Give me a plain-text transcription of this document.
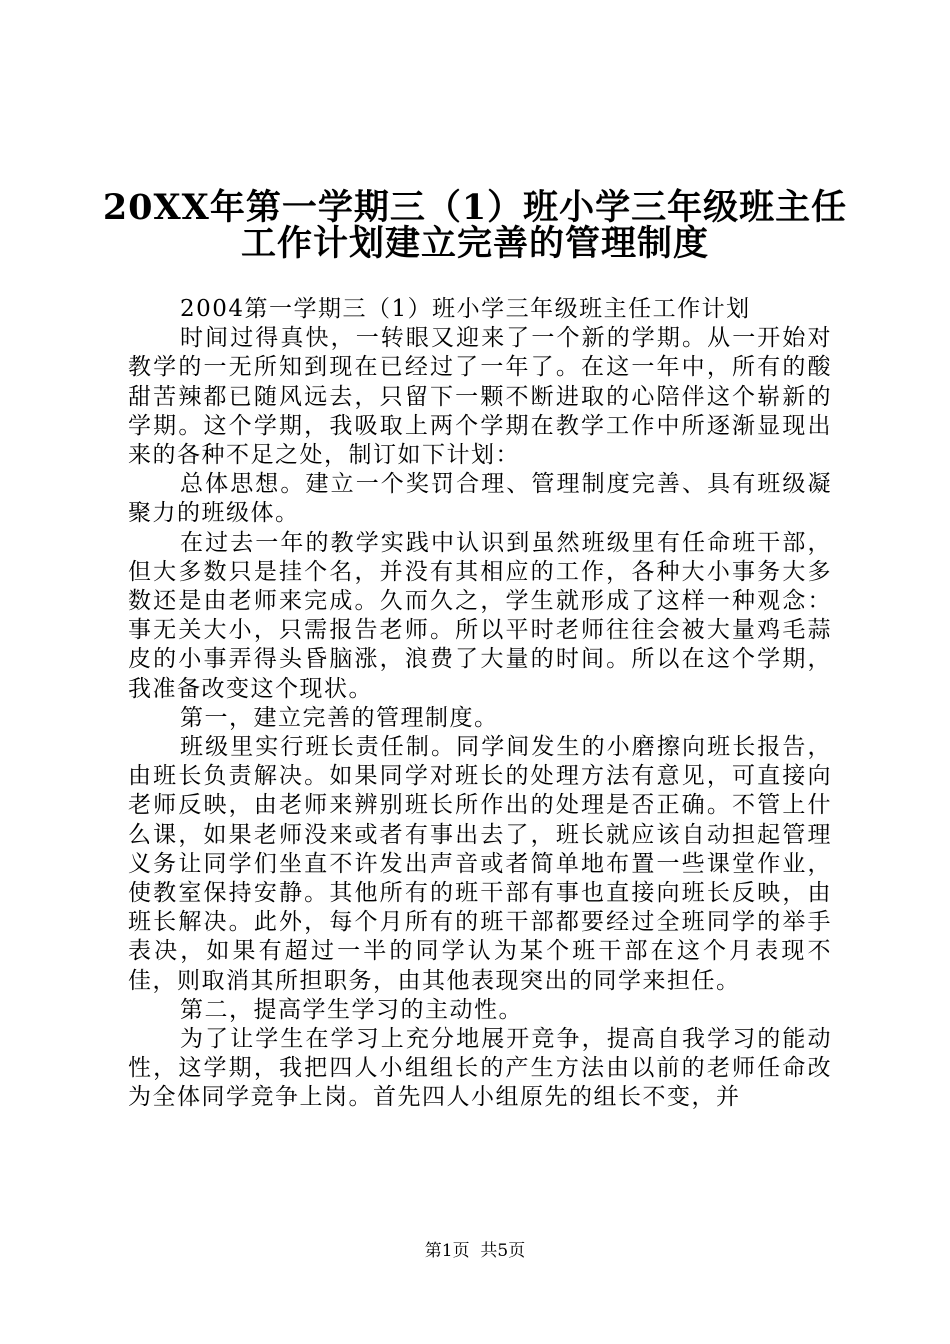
20XX年第一学期三（1）班小学三年级班主任
工作计划建立完善的管理制度

2004第一学期三（1）班小学三年级班主任工作计划

时间过得真快，一转眼又迎来了一个新的学期。从一开始对教学的一无所知到现在已经过了一年了。在这一年中，所有的酸甜苦辣都已随风远去，只留下一颗不断进取的心陪伴这个崭新的学期。这个学期，我吸取上两个学期在教学工作中所逐渐显现出来的各种不足之处，制订如下计划：

总体思想。建立一个奖罚合理、管理制度完善、具有班级凝聚力的班级体。

在过去一年的教学实践中认识到虽然班级里有任命班干部，但大多数只是挂个名，并没有其相应的工作，各种大小事务大多数还是由老师来完成。久而久之，学生就形成了这样一种观念：事无关大小，只需报告老师。所以平时老师往往会被大量鸡毛蒜皮的小事弄得头昏脑涨，浪费了大量的时间。所以在这个学期，我准备改变这个现状。

第一，建立完善的管理制度。

班级里实行班长责任制。同学间发生的小磨擦向班长报告，由班长负责解决。如果同学对班长的处理方法有意见，可直接向老师反映，由老师来辨别班长所作出的处理是否正确。不管上什么课，如果老师没来或者有事出去了，班长就应该自动担起管理义务让同学们坐直不许发出声音或者简单地布置一些课堂作业，使教室保持安静。其他所有的班干部有事也直接向班长反映，由班长解决。此外，每个月所有的班干部都要经过全班同学的举手表决，如果有超过一半的同学认为某个班干部在这个月表现不佳，则取消其所担职务，由其他表现突出的同学来担任。

第二，提高学生学习的主动性。

为了让学生在学习上充分地展开竞争，提高自我学习的能动性，这学期，我把四人小组组长的产生方法由以前的老师任命改为全体同学竞争上岗。首先四人小组原先的组长不变，并

第1页  共5页
